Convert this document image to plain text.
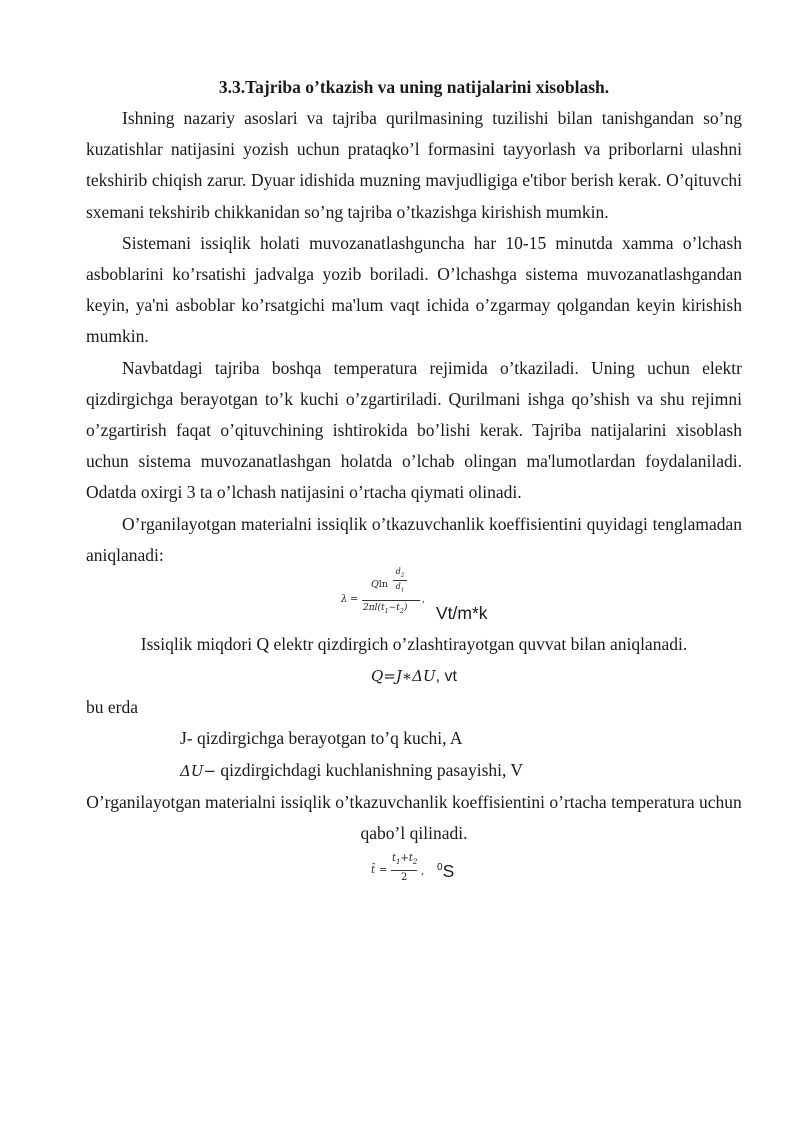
3.3.Tajriba o’tkazish va uning natijalarini xisoblash.

Ishning nazariy asoslari va tajriba qurilmasining tuzilishi bilan tanishgandan so’ng kuzatishlar natijasini yozish uchun prataqko’l formasini tayyorlash va priborlarni ulashni tekshirib chiqish zarur. Dyuar idishida muzning mavjudligiga e'tibor berish kerak. O’qituvchi sxemani tekshirib chikkanidan so’ng tajriba o’tkazishga kirishish mumkin.

Sistemani issiqlik holati muvozanatlashguncha har 10-15 minutda xamma o’lchash asboblarini ko’rsatishi jadvalga yozib boriladi. O’lchashga sistema muvozanatlashgandan keyin, ya'ni asboblar ko’rsatgichi ma'lum vaqt ichida o’zgarmay qolgandan keyin kirishish mumkin.

Navbatdagi tajriba boshqa temperatura rejimida o’tkaziladi. Uning uchun elektr qizdirgichga berayotgan to’k kuchi o’zgartiriladi. Qurilmani ishga qo’shish va shu rejimni o’zgartirish faqat o’qituvchining ishtirokida bo’lishi kerak. Tajriba natijalarini xisoblash uchun sistema muvozanatlashgan holatda o’lchab olingan ma'lumotlardan foydalaniladi. Odatda oxirgi 3 ta o’lchash natijasini o’rtacha qiymati olinadi.

O’rganilayotgan materialni issiqlik o’tkazuvchanlik koeffisientini quyidagi tenglamadan aniqlanadi:

λ =
Qln
$d_2$
$d_1$
$2\pi l(t_1-t_2)$
,
Vt/m*k

Issiqlik miqdori Q elektr qizdirgich o’zlashtirayotgan quvvat bilan aniqlanadi.

Q=J∗ΔU, vt

bu erda

J- qizdirgichga berayotgan to’q kuchi, A

ΔU− qizdirgichdagi kuchlanishning pasayishi, V

O’rganilayotgan materialni issiqlik o’tkazuvchanlik koeffisientini o’rtacha temperatura uchun qabo’l qilinadi.

t̄ =
$t_1+t_2$
2
, $^0$S
